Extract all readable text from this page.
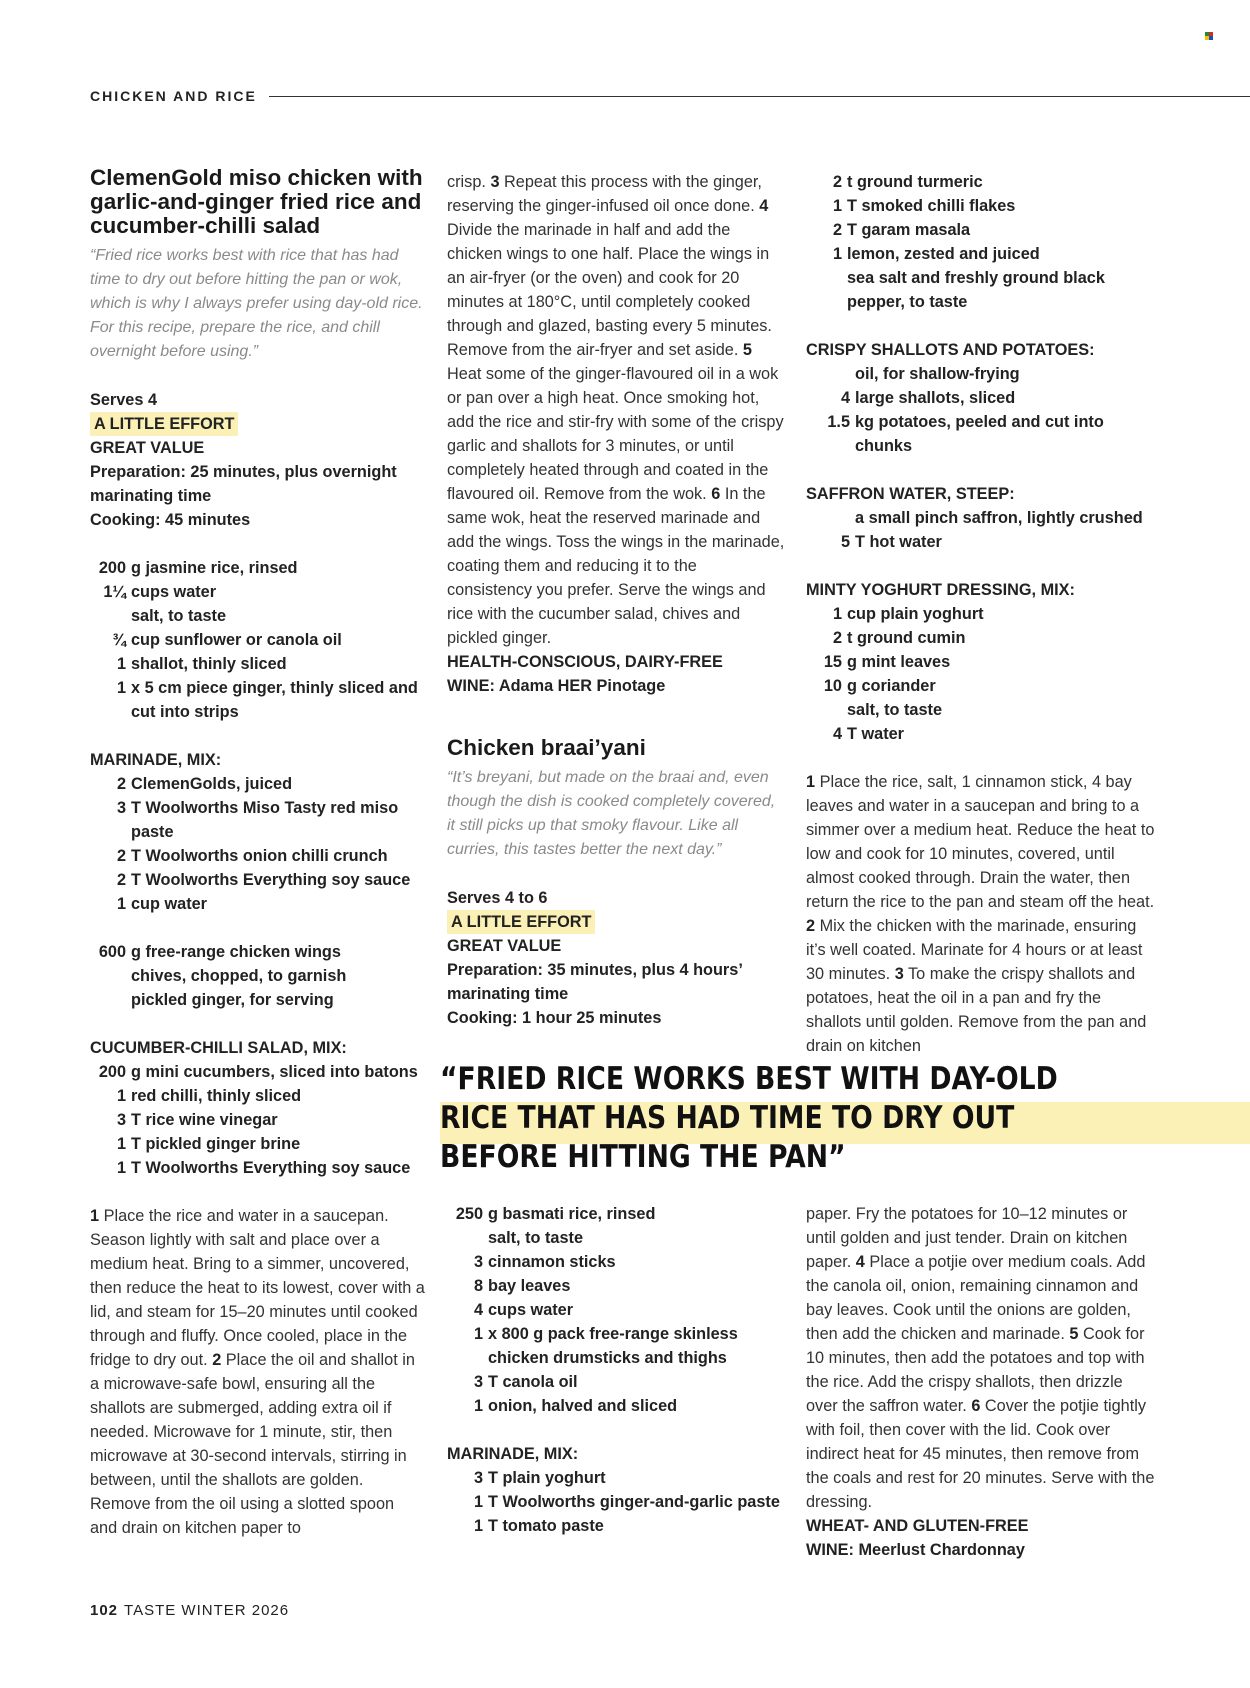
CHICKEN AND RICE
ClemenGold miso chicken with garlic-and-ginger fried rice and cucumber-chilli salad

“Fried rice works best with rice that has had time to dry out before hitting the pan or wok, which is why I always prefer using day-old rice. For this recipe, prepare the rice, and chill overnight before using.”

Serves 4

A LITTLE EFFORT

GREAT VALUE

Preparation: 25 minutes, plus overnight marinating time

Cooking: 45 minutes

200 g jasmine rice, rinsed
1¼ cups water
salt, to taste
¾ cup sunflower or canola oil
1 shallot, thinly sliced
1 x 5 cm piece ginger, thinly sliced and cut into strips

MARINADE, MIX:

2 ClemenGolds, juiced
3 T Woolworths Miso Tasty red miso paste
2 T Woolworths onion chilli crunch
2 T Woolworths Everything soy sauce
1 cup water
600 g free-range chicken wings
chives, chopped, to garnish
pickled ginger, for serving

CUCUMBER-CHILLI SALAD, MIX:

200 g mini cucumbers, sliced into batons
1 red chilli, thinly sliced
3 T rice wine vinegar
1 T pickled ginger brine
1 T Woolworths Everything soy sauce

1 Place the rice and water in a saucepan. Season lightly with salt and place over a medium heat. Bring to a simmer, uncovered, then reduce the heat to its lowest, cover with a lid, and steam for 15–20 minutes until cooked through and fluffy. Once cooled, place in the fridge to dry out. 2 Place the oil and shallot in a microwave-safe bowl, ensuring all the shallots are submerged, adding extra oil if needed. Microwave for 1 minute, stir, then microwave at 30-second intervals, stirring in between, until the shallots are golden. Remove from the oil using a slotted spoon and drain on kitchen paper to

crisp. 3 Repeat this process with the ginger, reserving the ginger-infused oil once done. 4 Divide the marinade in half and add the chicken wings to one half. Place the wings in an air-fryer (or the oven) and cook for 20 minutes at 180°C, until completely cooked through and glazed, basting every 5 minutes. Remove from the air-fryer and set aside. 5 Heat some of the ginger-flavoured oil in a wok or pan over a high heat. Once smoking hot, add the rice and stir-fry with some of the crispy garlic and shallots for 3 minutes, or until completely heated through and coated in the flavoured oil. Remove from the wok. 6 In the same wok, heat the reserved marinade and add the wings. Toss the wings in the marinade, coating them and reducing it to the consistency you prefer. Serve the wings and rice with the cucumber salad, chives and pickled ginger.

HEALTH-CONSCIOUS, DAIRY-FREE

WINE: Adama HER Pinotage

Chicken braai’yani

“It’s breyani, but made on the braai and, even though the dish is cooked completely covered, it still picks up that smoky flavour. Like all curries, this tastes better the next day.”

Serves 4 to 6

A LITTLE EFFORT

GREAT VALUE

Preparation: 35 minutes, plus 4 hours’ marinating time

Cooking: 1 hour 25 minutes

2 t ground turmeric
1 T smoked chilli flakes
2 T garam masala
1 lemon, zested and juiced
sea salt and freshly ground black pepper, to taste

CRISPY SHALLOTS AND POTATOES:

oil, for shallow-frying
4 large shallots, sliced
1.5 kg potatoes, peeled and cut into chunks

SAFFRON WATER, STEEP:

a small pinch saffron, lightly crushed
5 T hot water

MINTY YOGHURT DRESSING, MIX:

1 cup plain yoghurt
2 t ground cumin
15 g mint leaves
10 g coriander
salt, to taste
4 T water

1 Place the rice, salt, 1 cinnamon stick, 4 bay leaves and water in a saucepan and bring to a simmer over a medium heat. Reduce the heat to low and cook for 10 minutes, covered, until almost cooked through. Drain the water, then return the rice to the pan and steam off the heat. 2 Mix the chicken with the marinade, ensuring it’s well coated. Marinate for 4 hours or at least 30 minutes. 3 To make the crispy shallots and potatoes, heat the oil in a pan and fry the shallots until golden. Remove from the pan and drain on kitchen

“FRIED RICE WORKS BEST WITH DAY-OLD
RICE THAT HAS HAD TIME TO DRY OUT
BEFORE HITTING THE PAN”
250 g basmati rice, rinsed
salt, to taste
3 cinnamon sticks
8 bay leaves
4 cups water
1 x 800 g pack free-range skinless chicken drumsticks and thighs
3 T canola oil
1 onion, halved and sliced

MARINADE, MIX:

3 T plain yoghurt
1 T Woolworths ginger-and-garlic paste
1 T tomato paste

paper. Fry the potatoes for 10–12 minutes or until golden and just tender. Drain on kitchen paper. 4 Place a potjie over medium coals. Add the canola oil, onion, remaining cinnamon and bay leaves. Cook until the onions are golden, then add the chicken and marinade. 5 Cook for 10 minutes, then add the potatoes and top with the rice. Add the crispy shallots, then drizzle over the saffron water. 6 Cover the potjie tightly with foil, then cover with the lid. Cook over indirect heat for 45 minutes, then remove from the coals and rest for 20 minutes. Serve with the dressing.

WHEAT- AND GLUTEN-FREE

WINE: Meerlust Chardonnay

102 TASTE WINTER 2026
